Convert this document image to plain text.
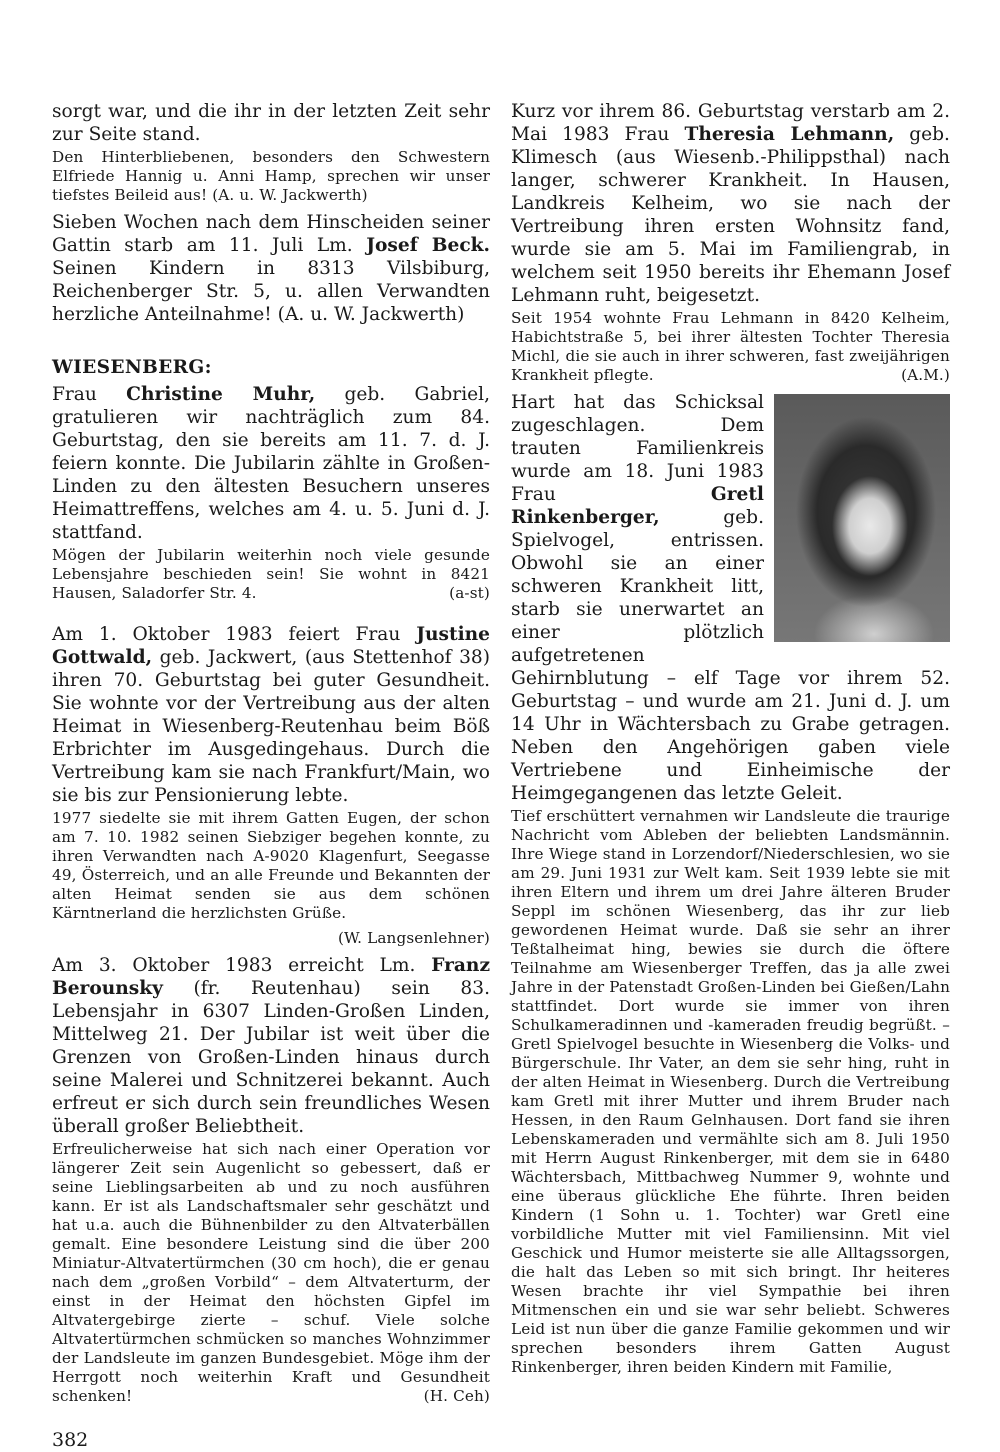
sorgt war, und die ihr in der letzten Zeit sehr zur Seite stand.

Den Hinterbliebenen, besonders den Schwestern Elfriede Hannig u. Anni Hamp, sprechen wir unser tiefstes Beileid aus! (A. u. W. Jackwerth)

Sieben Wochen nach dem Hinscheiden seiner Gattin starb am 11. Juli Lm. Josef Beck. Seinen Kindern in 8313 Vilsbiburg, Reichenberger Str. 5, u. allen Verwandten herzliche Anteilnahme! (A. u. W. Jackwerth)

WIESENBERG:

Frau Christine Muhr, geb. Gabriel, gratulieren wir nachträglich zum 84. Geburtstag, den sie bereits am 11. 7. d. J. feiern konnte. Die Jubilarin zählte in Großen-Linden zu den ältesten Besuchern unseres Heimattreffens, welches am 4. u. 5. Juni d. J. stattfand.

Mögen der Jubilarin weiterhin noch viele gesunde Lebensjahre beschieden sein! Sie wohnt in 8421 Hausen, Saladorfer Str. 4.	(a-st)

Am 1. Oktober 1983 feiert Frau Justine Gottwald, geb. Jackwert, (aus Stettenhof 38) ihren 70. Geburtstag bei guter Gesundheit. Sie wohnte vor der Vertreibung aus der alten Heimat in Wiesenberg-Reutenhau beim Böß Erbrichter im Ausgedingehaus. Durch die Vertreibung kam sie nach Frankfurt/Main, wo sie bis zur Pensionierung lebte.

1977 siedelte sie mit ihrem Gatten Eugen, der schon am 7. 10. 1982 seinen Siebziger begehen konnte, zu ihren Verwandten nach A-9020 Klagenfurt, Seegasse 49, Österreich, und an alle Freunde und Bekannten der alten Heimat senden sie aus dem schönen Kärntnerland die herzlichsten Grüße.

(W. Langsenlehner)

Am 3. Oktober 1983 erreicht Lm. Franz Berounsky (fr. Reutenhau) sein 83. Lebensjahr in 6307 Linden-Großen Linden, Mittelweg 21. Der Jubilar ist weit über die Grenzen von Großen-Linden hinaus durch seine Malerei und Schnitzerei bekannt. Auch erfreut er sich durch sein freundliches Wesen überall großer Beliebtheit.

Erfreulicherweise hat sich nach einer Operation vor längerer Zeit sein Augenlicht so gebessert, daß er seine Lieblingsarbeiten ab und zu noch ausführen kann. Er ist als Landschaftsmaler sehr geschätzt und hat u.a. auch die Bühnenbilder zu den Altvaterbällen gemalt. Eine besondere Leistung sind die über 200 Miniatur-Altvatertürmchen (30 cm hoch), die er genau nach dem „großen Vorbild“ – dem Altvaterturm, der einst in der Heimat den höchsten Gipfel im Altvatergebirge zierte – schuf. Viele solche Altvatertürmchen schmücken so manches Wohnzimmer der Landsleute im ganzen Bundesgebiet. Möge ihm der Herrgott noch weiterhin Kraft und Gesundheit schenken!	(H. Ceh)

382

Kurz vor ihrem 86. Geburtstag verstarb am 2. Mai 1983 Frau Theresia Lehmann, geb. Klimesch (aus Wiesenb.-Philippsthal) nach langer, schwerer Krankheit. In Hausen, Landkreis Kelheim, wo sie nach der Vertreibung ihren ersten Wohnsitz fand, wurde sie am 5. Mai im Familiengrab, in welchem seit 1950 bereits ihr Ehemann Josef Lehmann ruht, beigesetzt.

Seit 1954 wohnte Frau Lehmann in 8420 Kelheim, Habichtstraße 5, bei ihrer ältesten Tochter Theresia Michl, die sie auch in ihrer schweren, fast zweijährigen Krankheit pflegte.	(A.M.)

Hart hat das Schicksal zugeschlagen. Dem trauten Familienkreis wurde am 18. Juni 1983 Frau Gretl Rinkenberger, geb. Spielvogel, entrissen. Obwohl sie an einer schweren Krankheit litt, starb sie unerwartet an einer plötzlich aufgetretenen Gehirnblutung – elf Tage vor ihrem 52. Geburtstag – und wurde am 21. Juni d. J. um 14 Uhr in Wächtersbach zu Grabe getragen. Neben den Angehörigen gaben viele Vertriebene und Einheimische der Heimgegangenen das letzte Geleit.

Tief erschüttert vernahmen wir Landsleute die traurige Nachricht vom Ableben der beliebten Landsmännin. Ihre Wiege stand in Lorzendorf/Niederschlesien, wo sie am 29. Juni 1931 zur Welt kam. Seit 1939 lebte sie mit ihren Eltern und ihrem um drei Jahre älteren Bruder Seppl im schönen Wiesenberg, das ihr zur lieb gewordenen Heimat wurde. Daß sie sehr an ihrer Teßtalheimat hing, bewies sie durch die öftere Teilnahme am Wiesenberger Treffen, das ja alle zwei Jahre in der Patenstadt Großen-Linden bei Gießen/Lahn stattfindet. Dort wurde sie immer von ihren Schulkameradinnen und -kameraden freudig begrüßt. – Gretl Spielvogel besuchte in Wiesenberg die Volks- und Bürgerschule. Ihr Vater, an dem sie sehr hing, ruht in der alten Heimat in Wiesenberg. Durch die Vertreibung kam Gretl mit ihrer Mutter und ihrem Bruder nach Hessen, in den Raum Gelnhausen. Dort fand sie ihren Lebenskameraden und vermählte sich am 8. Juli 1950 mit Herrn August Rinkenberger, mit dem sie in 6480 Wächtersbach, Mittbachweg Nummer 9, wohnte und eine überaus glückliche Ehe führte. Ihren beiden Kindern (1 Sohn u. 1. Tochter) war Gretl eine vorbildliche Mutter mit viel Familiensinn. Mit viel Geschick und Humor meisterte sie alle Alltagssorgen, die halt das Leben so mit sich bringt. Ihr heiteres Wesen brachte ihr viel Sympathie bei ihren Mitmenschen ein und sie war sehr beliebt. Schweres Leid ist nun über die ganze Familie gekommen und wir sprechen besonders ihrem Gatten August Rinkenberger, ihren beiden Kindern mit Familie,
